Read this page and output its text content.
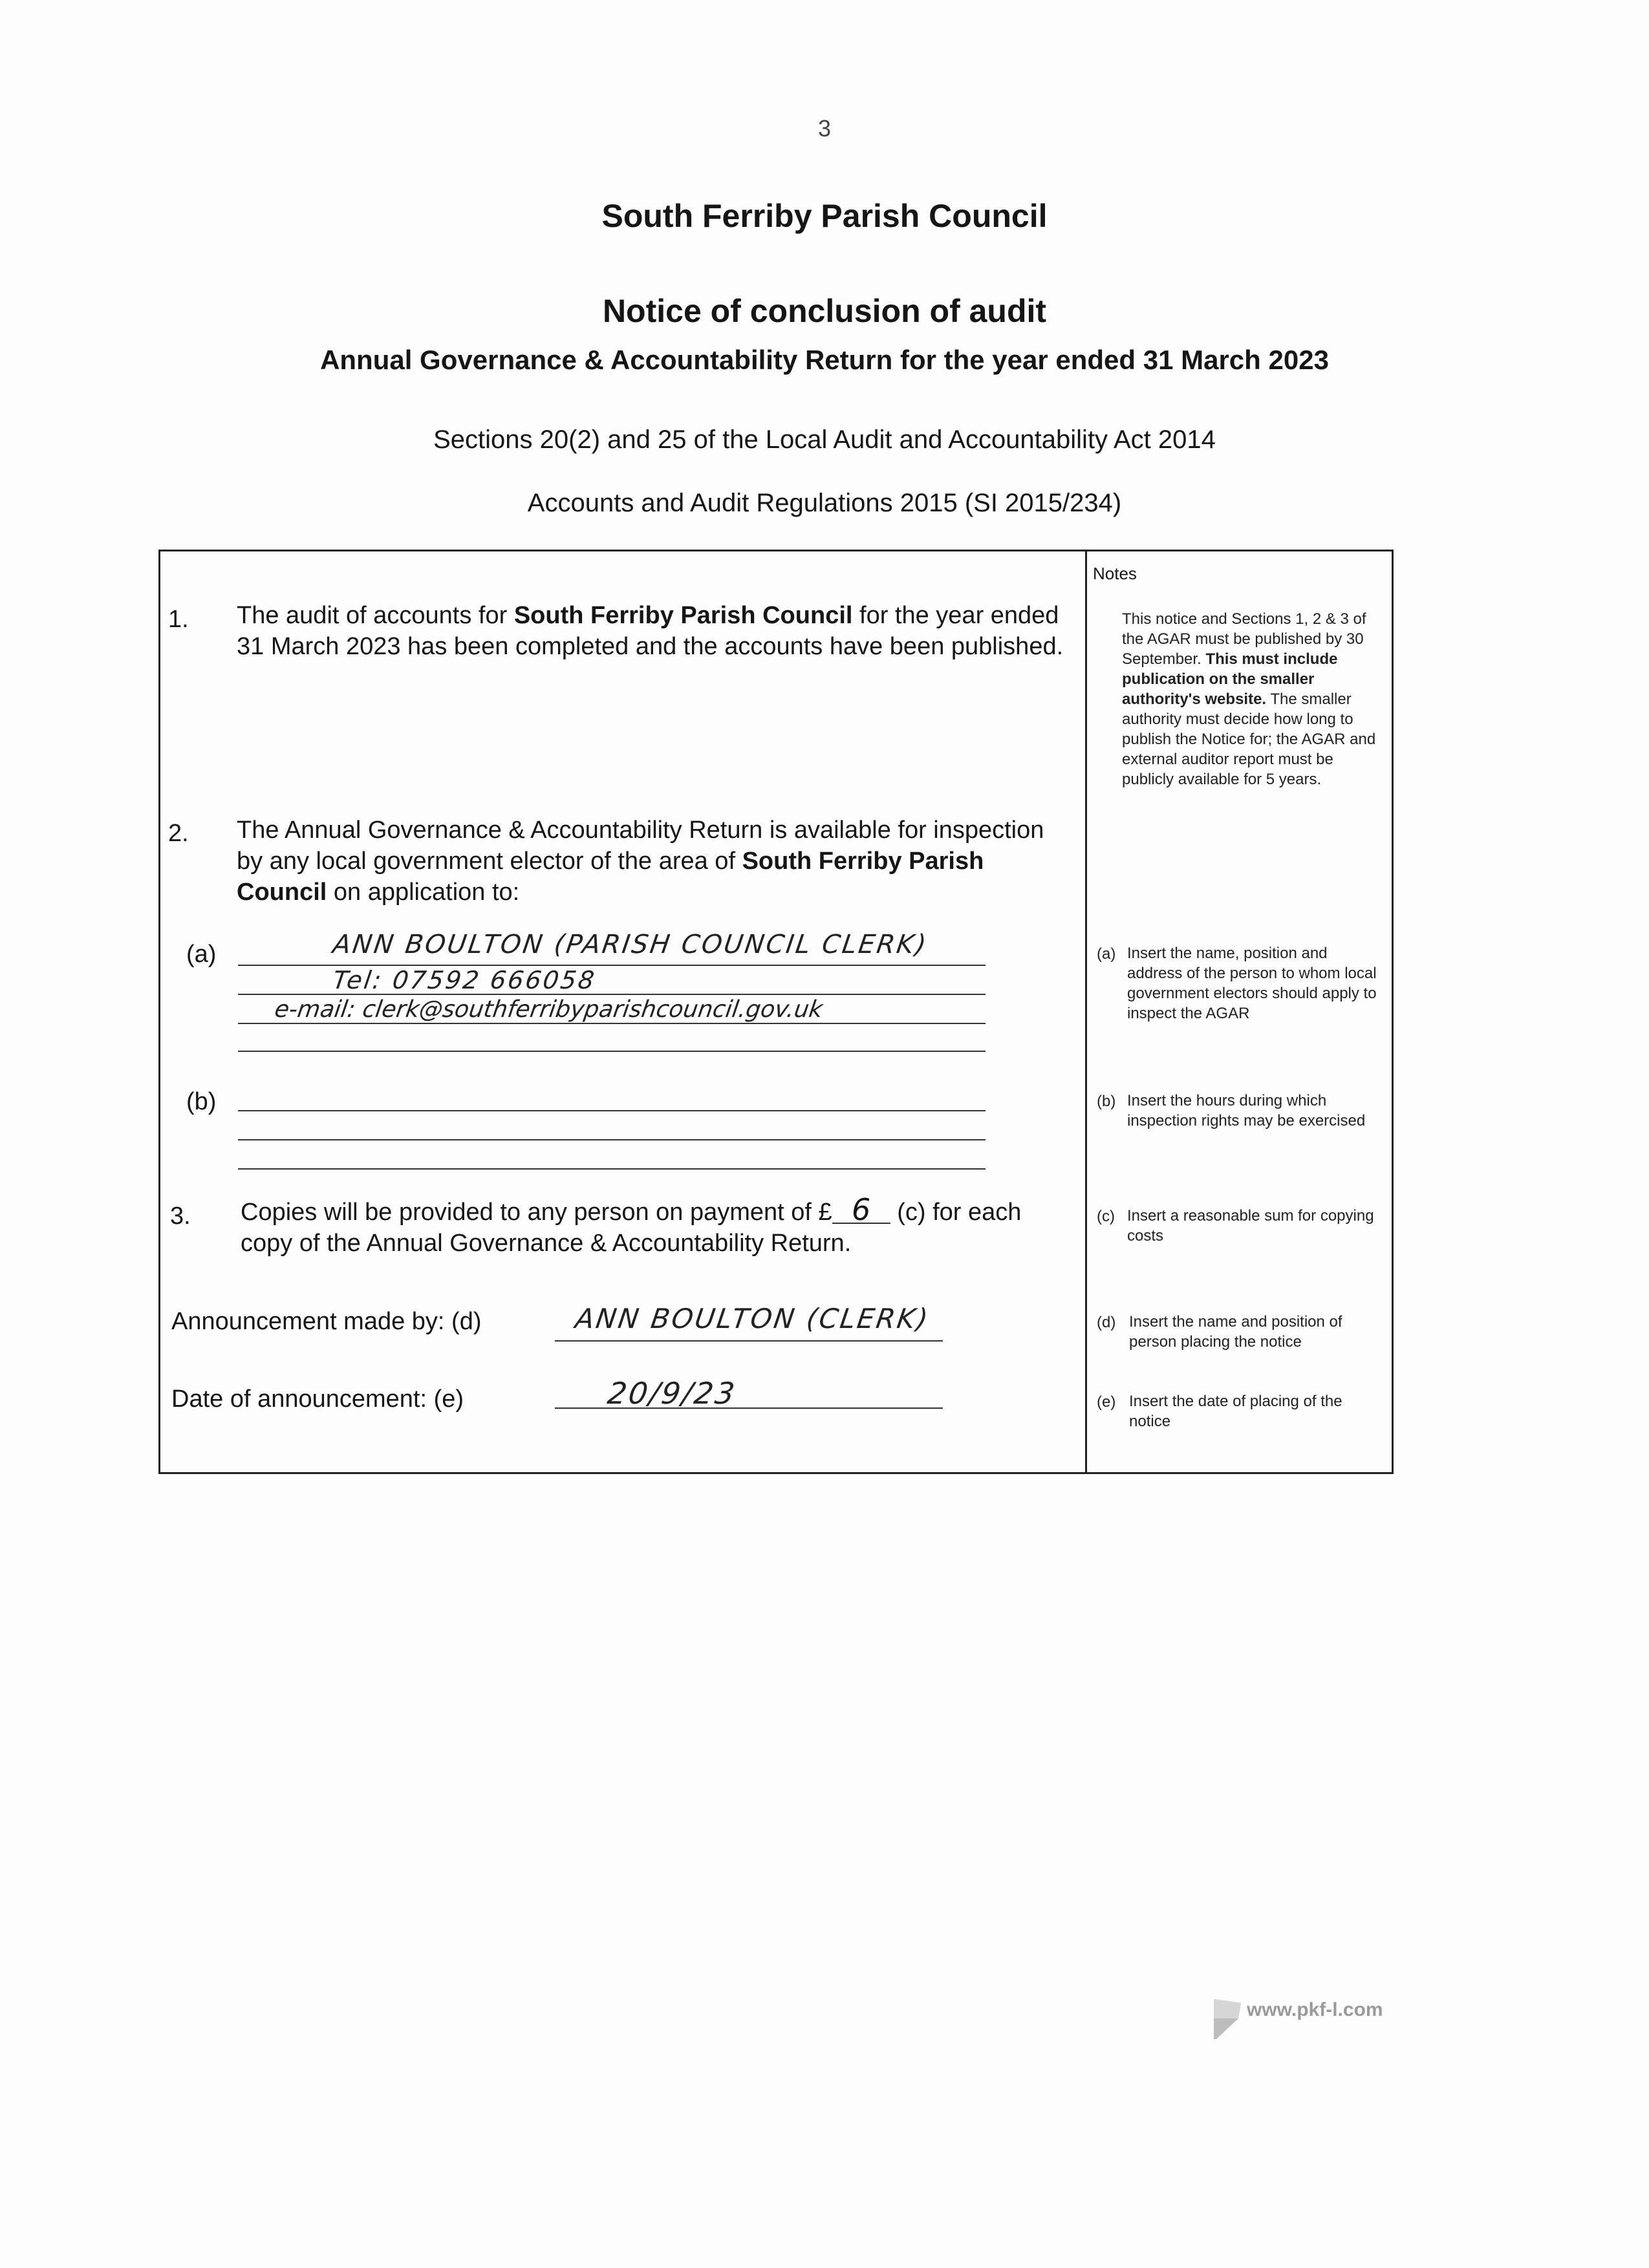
3
South Ferriby Parish Council
Notice of conclusion of audit
Annual Governance & Accountability Return for the year ended 31 March 2023
Sections 20(2) and 25 of the Local Audit and Accountability Act 2014
Accounts and Audit Regulations 2015 (SI 2015/234)
1. The audit of accounts for South Ferriby Parish Council for the year ended 31 March 2023 has been completed and the accounts have been published.
2. The Annual Governance & Accountability Return is available for inspection by any local government elector of the area of South Ferriby Parish Council on application to:
(a)	ANN BOULTON (PARISH COUNCIL CLERK)
Tel: 07592 666058
e-mail: clerk@southferribyparishcouncil.gov.uk
(b)
3. Copies will be provided to any person on payment of £ 6 (c) for each copy of the Annual Governance & Accountability Return.
Announcement made by: (d)	ANN BOULTON (CLERK)
Date of announcement: (e)	20/9/23
Notes
This notice and Sections 1, 2 & 3 of the AGAR must be published by 30 September. This must include publication on the smaller authority's website. The smaller authority must decide how long to publish the Notice for; the AGAR and external auditor report must be publicly available for 5 years.
(a) Insert the name, position and address of the person to whom local government electors should apply to inspect the AGAR
(b) Insert the hours during which inspection rights may be exercised
(c) Insert a reasonable sum for copying costs
(d) Insert the name and position of person placing the notice
(e) Insert the date of placing of the notice
www.pkf-l.com
